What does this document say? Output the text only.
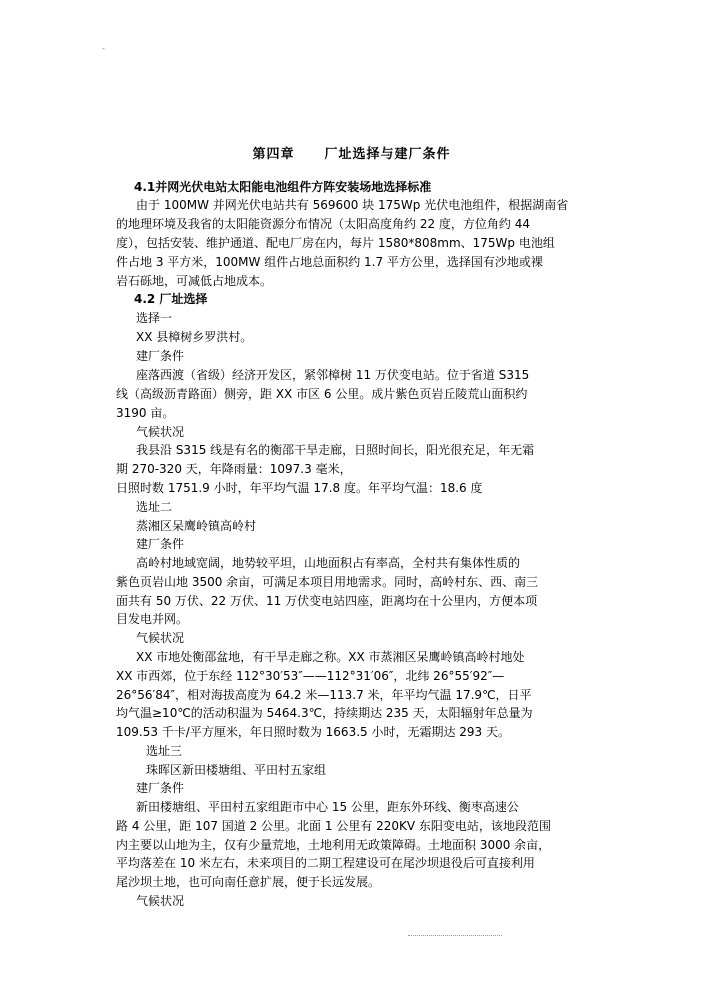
-
第四章 厂址选择与建厂条件
4.1并网光伏电站太阳能电池组件方阵安装场地选择标准
由于 100MW 并网光伏电站共有 569600 块 175Wp 光伏电池组件，根据湖南省
的地理环境及我省的太阳能资源分布情况（太阳高度角约 22 度，方位角约 44
度），包括安装、维护通道、配电厂房在内，每片 1580*808mm、175Wp 电池组
件占地 3 平方米，100MW 组件占地总面积约 1.7 平方公里，选择国有沙地或裸
岩石砾地，可减低占地成本。
4.2 厂址选择
选择一
XX 县樟树乡罗洪村。
建厂条件
座落西渡（省级）经济开发区，紧邻樟树 11 万伏变电站。位于省道 S315
线（高级沥青路面）侧旁，距 XX 市区 6 公里。成片紫色页岩丘陵荒山面积约
3190 亩。
气候状况
我县沿 S315 线是有名的衡邵干旱走廊，日照时间长，阳光很充足，年无霜
期 270-320 天，年降雨量：1097.3 毫米，
日照时数 1751.9 小时，年平均气温 17.8 度。年平均气温：18.6 度
选址二
蒸湘区呆鹰岭镇高岭村
建厂条件
高岭村地域宽阔，地势较平坦，山地面积占有率高，全村共有集体性质的
紫色页岩山地 3500 余亩，可满足本项目用地需求。同时，高岭村东、西、南三
面共有 50 万伏、22 万伏、11 万伏变电站四座，距离均在十公里内，方便本项
目发电并网。
气候状况
XX 市地处衡邵盆地，有干旱走廊之称。XX 市蒸湘区呆鹰岭镇高岭村地处
XX 市西郊，位于东经 112°30′53″——112°31′06″，北纬 26°55′92″—
26°56′84″，相对海拔高度为 64.2 米—113.7 米，年平均气温 17.9℃，日平
均气温≥10℃的活动积温为 5464.3℃，持续期达 235 天，太阳辐射年总量为
109.53 千卡/平方厘米，年日照时数为 1663.5 小时，无霜期达 293 天。
选址三
珠晖区新田楼塘组、平田村五家组
建厂条件
新田楼塘组、平田村五家组距市中心 15 公里，距东外环线、衡枣高速公
路 4 公里，距 107 国道 2 公里。北面 1 公里有 220KV 东阳变电站，该地段范围
内主要以山地为主，仅有少量荒地，土地利用无政策障碍。土地面积 3000 余亩，
平均落差在 10 米左右，未来项目的二期工程建设可在尾沙坝退役后可直接利用
尾沙坝土地，也可向南任意扩展，便于长远发展。
气候状况
